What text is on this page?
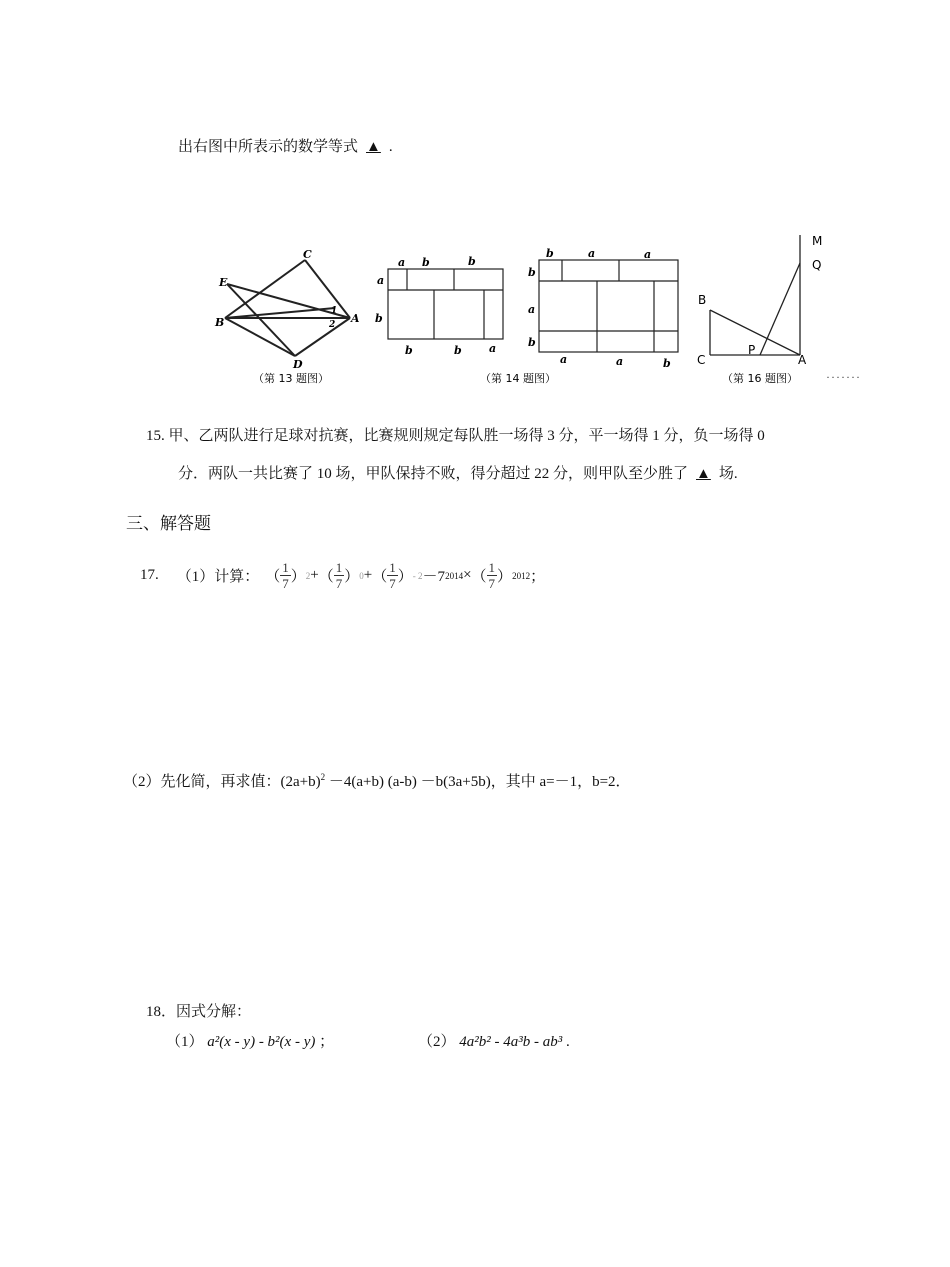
出右图中所表示的数学等式 ▲ .
C
E
B
D
A
1
2
（第 13 题图）
a b	b
a
b
b	b a
（第 14 题图）
b	a	a
b
a
b
a	a	b
M
Q
B
C
P
A
（第 16 题图） ·······
15. 甲、乙两队进行足球对抗赛，比赛规则规定每队胜一场得 3 分，平一场得 1 分，负一场得 0
分．两队一共比赛了 10 场，甲队保持不败，得分超过 22 分，则甲队至少胜了 ▲ 场.
三、解答题
17. （1）计算： （ $\frac{1}{7}$ ） 2 + （ $\frac{1}{7}$ ） 0 + （ $\frac{1}{7}$ ） - 2 －7 2014 × （ $\frac{1}{7}$ ） 2012 ；
（2）先化简，再求值：$(2a+b)^2 -4(a+b)$ (a-b) －b(3a+5b)，其中 a=－1，b=2．
18．因式分解：
（1） a²(x - y) - b²(x - y) ；	（2） 4a²b² - 4a³b - ab³ .
